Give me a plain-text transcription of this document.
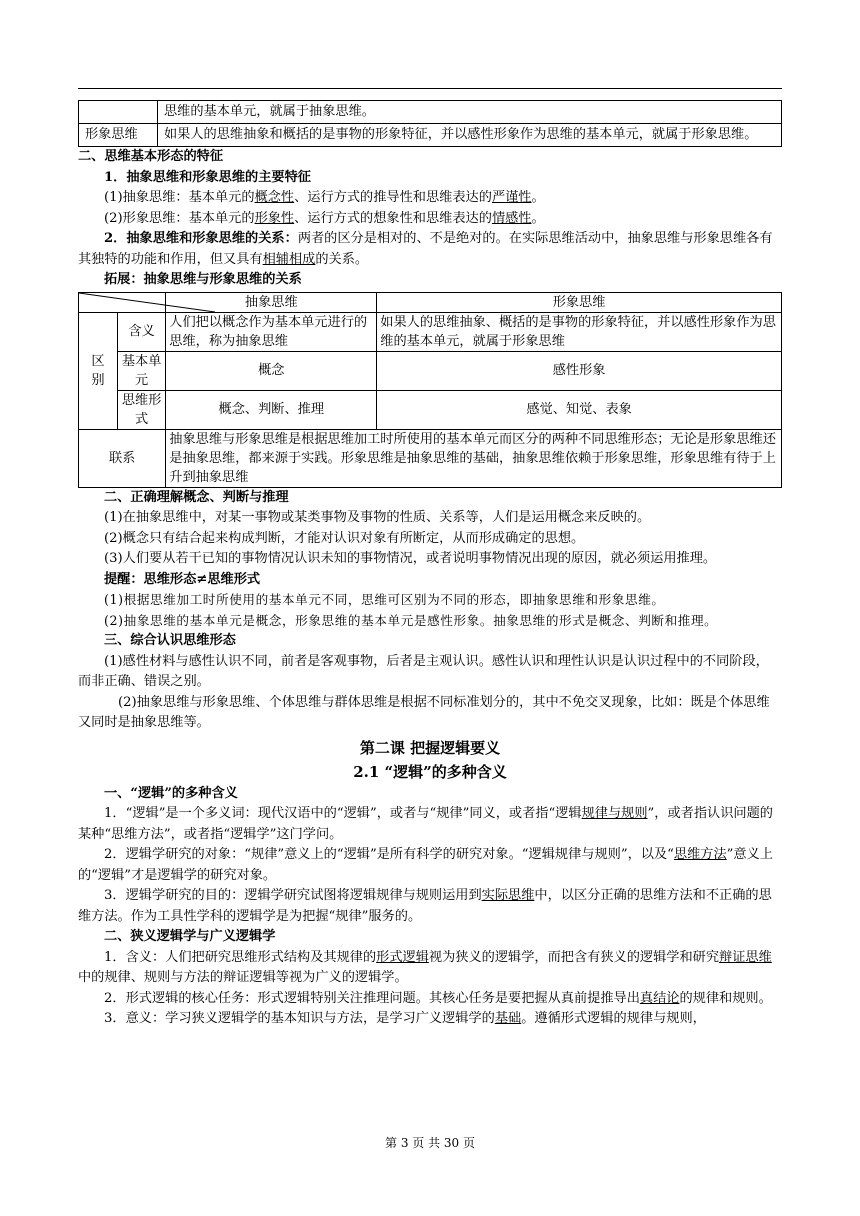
	思维的基本单元，就属于抽象思维。
形象思维	如果人的思维抽象和概括的是事物的形象特征，并以感性形象作为思维的基本单元，就属于形象思维。

二、思维基本形态的特征

1．抽象思维和形象思维的主要特征

(1)抽象思维：基本单元的概念性、运行方式的推导性和思维表达的严谨性。

(2)形象思维：基本单元的形象性、运行方式的想象性和思维表达的情感性。

2．抽象思维和形象思维的关系：两者的区分是相对的、不是绝对的。在实际思维活动中，抽象思维与形象思维各有其独特的功能和作用，但又具有相辅相成的关系。

拓展：抽象思维与形象思维的关系

	抽象思维	形象思维
区
别	含义	人们把以概念作为基本单元进行的思维，称为抽象思维	如果人的思维抽象、概括的是事物的形象特征，并以感性形象作为思维的基本单元，就属于形象思维
	基本单元	概念	感性形象
	思维形式	概念、判断、推理	感觉、知觉、表象
联系		抽象思维与形象思维是根据思维加工时所使用的基本单元而区分的两种不同思维形态；无论是形象思维还是抽象思维，都来源于实践。形象思维是抽象思维的基础，抽象思维依赖于形象思维，形象思维有待于上升到抽象思维	

二、正确理解概念、判断与推理

(1)在抽象思维中，对某一事物或某类事物及事物的性质、关系等，人们是运用概念来反映的。

(2)概念只有结合起来构成判断，才能对认识对象有所断定，从而形成确定的思想。

(3)人们要从若干已知的事物情况认识未知的事物情况，或者说明事物情况出现的原因，就必须运用推理。

提醒：思维形态≠思维形式

(1)根据思维加工时所使用的基本单元不同，思维可区别为不同的形态，即抽象思维和形象思维。

(2)抽象思维的基本单元是概念，形象思维的基本单元是感性形象。抽象思维的形式是概念、判断和推理。

三、综合认识思维形态

(1)感性材料与感性认识不同，前者是客观事物，后者是主观认识。感性认识和理性认识是认识过程中的不同阶段，而非正确、错误之别。

(2)抽象思维与形象思维、个体思维与群体思维是根据不同标准划分的，其中不免交叉现象，比如：既是个体思维又同时是抽象思维等。

第二课 把握逻辑要义

2.1 “逻辑”的多种含义

一、“逻辑”的多种含义

1．“逻辑”是一个多义词：现代汉语中的“逻辑”，或者与“规律”同义，或者指“逻辑规律与规则”，或者指认识问题的某种“思维方法”，或者指“逻辑学”这门学问。

2．逻辑学研究的对象：“规律”意义上的“逻辑”是所有科学的研究对象。“逻辑规律与规则”，以及“思维方法”意义上的“逻辑”才是逻辑学的研究对象。

3．逻辑学研究的目的：逻辑学研究试图将逻辑规律与规则运用到实际思维中，以区分正确的思维方法和不正确的思维方法。作为工具性学科的逻辑学是为把握“规律”服务的。

二、狭义逻辑学与广义逻辑学

1．含义：人们把研究思维形式结构及其规律的形式逻辑视为狭义的逻辑学，而把含有狭义的逻辑学和研究辩证思维中的规律、规则与方法的辩证逻辑等视为广义的逻辑学。

2．形式逻辑的核心任务：形式逻辑特别关注推理问题。其核心任务是要把握从真前提推导出真结论的规律和规则。

3．意义：学习狭义逻辑学的基本知识与方法，是学习广义逻辑学的基础。遵循形式逻辑的规律与规则，

第 3 页 共 30 页
